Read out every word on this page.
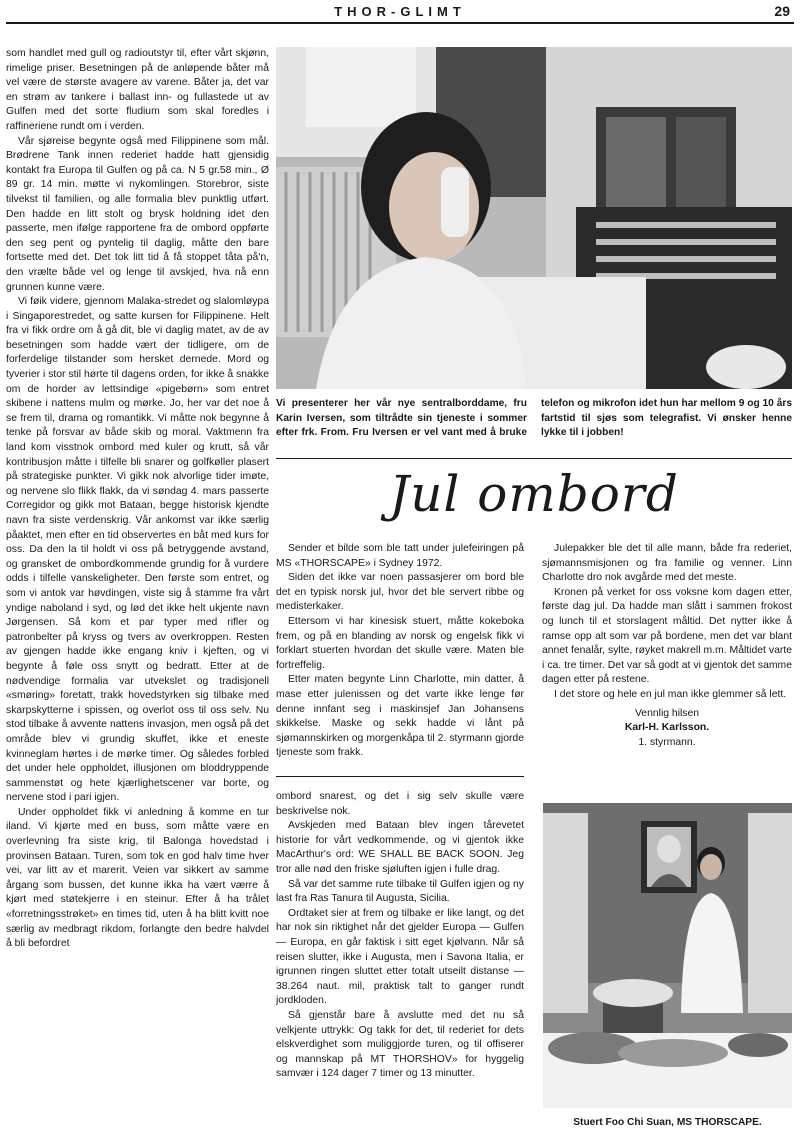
THOR-GLIMT	29

som handlet med gull og radioutstyr til, efter vårt skjønn, rimelige priser. Besetningen på de anløpende båter må vel være de største avagere av varene. Båter ja, det var en strøm av tankere i ballast inn- og fullastede ut av Gulfen med det sorte fludium som skal foredles i raffineriene rundt om i verden.

Vår sjøreise begynte også med Filippinene som mål. Brødrene Tank innen rederiet hadde hatt gjensidig kontakt fra Europa til Gulfen og på ca. N 5 gr.58 min., Ø 89 gr. 14 min. møtte vi nykomlingen. Storebror, siste tilvekst til familien, og alle formalia blev punktlig utført. Den hadde en litt stolt og brysk holdning idet den passerte, men ifølge rapportene fra de ombord oppførte den seg pent og pyntelig til daglig, måtte den bare fortsette med det. Det tok litt tid å få stoppet tåta på'n, den vrælte både vel og lenge til avskjed, hva nå enn grunnen kunne være.

Vi føik videre, gjennom Malaka-stredet og slalomløypa i Singaporestredet, og satte kursen for Filippinene. Helt fra vi fikk ordre om å gå dit, ble vi daglig matet, av de av besetningen som hadde vært der tidligere, om de forferdelige tilstander som hersket dernede. Mord og tyverier i stor stil hørte til dagens orden, for ikke å snakke om de horder av lettsindige «pigebørn» som entret skibene i nattens mulm og mørke. Jo, her var det noe å se frem til, drama og romantikk. Vi måtte nok begynne å tenke på forsvar av både skib og moral. Vaktmenn fra land kom visstnok ombord med kuler og krutt, så vår kontribusjon måtte i tilfelle bli snarer og golfkøller plasert på strategiske punkter. Vi gikk nok alvorlige tider imøte, og nervene slo flikk flakk, da vi søndag 4. mars passerte Corregidor og gikk mot Bataan, begge historisk kjendte navn fra siste verdenskrig. Vår ankomst var ikke særlig påaktet, men efter en tid observertes en båt med kurs for oss. Da den la til holdt vi oss på betryggende avstand, og gransket de ombordkommende grundig for å vurdere odds i tilfelle vanskeligheter. Den første som entret, og som vi antok var høvdingen, viste sig å stamme fra vårt yndige naboland i syd, og lød det ikke helt ukjente navn Jørgensen. Så kom et par typer med rifler og patronbelter på kryss og tvers av overkroppen. Resten av gjengen hadde ikke engang kniv i kjeften, og vi begynte å føle oss snytt og bedratt. Etter at de nødvendige formalia var utvekslet og tradisjonell «smøring» foretatt, trakk hovedstyrken sig tilbake med skarpskytterne i spissen, og overlot oss til oss selv. Nu stod tilbake å avvente nattens invasjon, men også på det område blev vi grundig skuffet, ikke et eneste kvinneglam hørtes i de mørke timer. Og således forbled det under hele oppholdet, illusjonen om bloddryppende sammenstøt og hete kjærlighetscener var borte, og nervene stod i pari igjen.

Under oppholdet fikk vi anledning å komme en tur iland. Vi kjørte med en buss, som måtte være en overlevning fra siste krig, til Balonga hovedstad i provinsen Bataan. Turen, som tok en god halv time hver vei, var litt av et marerit. Veien var sikkert av samme årgang som bussen, det kunne ikka ha vært værre å kjørt med støtekjerre i en steinur. Efter å ha trålet «forretningsstrøket» en times tid, uten å ha blitt kvitt noe særlig av medbragt rikdom, forlangte den bedre halvdel å bli befordret

Vi presenterer her vår nye sentralborddame, fru Karin Iversen, som tiltrådte sin tjeneste i sommer efter frk. From. Fru Iversen er vel vant med å bruke telefon og mikrofon idet hun har mellom 9 og 10 års fartstid til sjøs som telegrafist. Vi ønsker henne lykke til i jobben!
Jul ombord

Sender et bilde som ble tatt under julefeiringen på MS «THORSCAPE» i Sydney 1972.

Siden det ikke var noen passasjerer om bord ble det en typisk norsk jul, hvor det ble servert ribbe og medisterkaker.

Ettersom vi har kinesisk stuert, måtte kokeboka frem, og på en blanding av norsk og engelsk fikk vi forklart stuerten hvordan det skulle være. Maten ble fortreffelig.

Etter maten begynte Linn Charlotte, min datter, å mase etter julenissen og det varte ikke lenge før denne innfant seg i maskinsjef Jan Johansens skikkelse. Maske og sekk hadde vi lånt på sjømannskirken og morgenkåpa til 2. styrmann gjorde tjeneste som frakk.

Julepakker ble det til alle mann, både fra rederiet, sjømannsmisjonen og fra familie og venner. Linn Charlotte dro nok avgårde med det meste.

Kronen på verket for oss voksne kom dagen etter, første dag jul. Da hadde man slått i sammen frokost og lunch til et storslagent måltid. Det nytter ikke å ramse opp alt som var på bordene, men det var blant annet fenalår, sylte, røyket makrell m.m. Måltidet varte i ca. tre timer. Det var så godt at vi gjentok det samme dagen etter på restene.

I det store og hele en jul man ikke glemmer så lett.

Vennlig hilsen

Karl-H. Karlsson.

1. styrmann.

ombord snarest, og det i sig selv skulle være beskrivelse nok.

Avskjeden med Bataan blev ingen tårevetet historie for vårt vedkommende, og vi gjentok ikke MacArthur's ord: WE SHALL BE BACK SOON. Jeg tror alle nød den friske sjøluften igjen i fulle drag.

Så var det samme rute tilbake til Gulfen igjen og ny last fra Ras Tanura til Augusta, Sicilia.

Ordtaket sier at frem og tilbake er like langt, og det har nok sin riktighet når det gjelder Europa — Gulfen — Europa, en går faktisk i sitt eget kjølvann. Når så reisen slutter, ikke i Augusta, men i Savona Italia, er igrunnen ringen sluttet etter totalt utseilt distanse — 38.264 naut. mil, praktisk talt to ganger rundt jordkloden.

Så gjenstår bare å avslutte med det nu så velkjente uttrykk: Og takk for det, til rederiet for dets elskverdighet som muliggjorde turen, og til offiserer og mannskap på MT THORSHOV» for hyggelig samvær i 124 dager 7 timer og 13 minutter.

Stuert Foo Chi Suan, MS THORSCAPE.
